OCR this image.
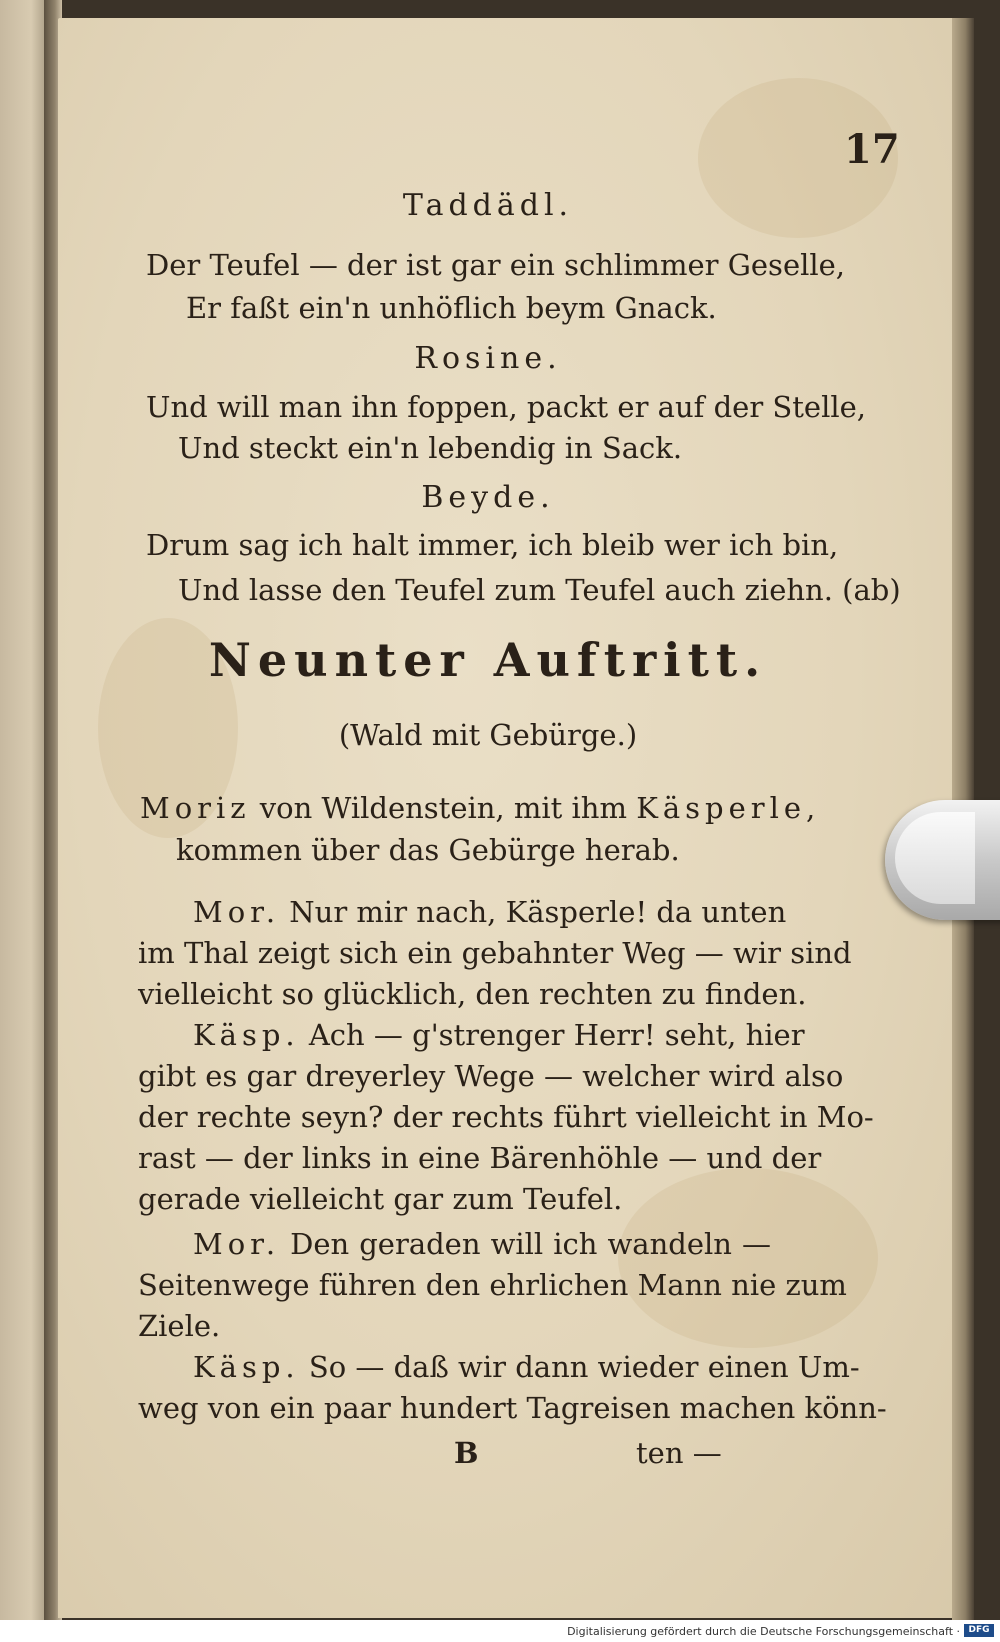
17
Taddädl.
Der Teufel — der ist gar ein schlimmer Geselle,
Er faßt ein'n unhöflich beym Gnack.
Rosine.
Und will man ihn foppen, packt er auf der Stelle,
Und steckt ein'n lebendig in Sack.
Beyde.
Drum sag ich halt immer, ich bleib wer ich bin,
Und lasse den Teufel zum Teufel auch ziehn. (ab)
Neunter Auftritt.
(Wald mit Gebürge.)
Moriz von Wildenstein, mit ihm Käsperle,
kommen über das Gebürge herab.
Mor. Nur mir nach, Käsperle! da unten
im Thal zeigt sich ein gebahnter Weg — wir sind
vielleicht so glücklich, den rechten zu finden.
Käsp. Ach — g'strenger Herr! seht, hier
gibt es gar dreyerley Wege — welcher wird also
der rechte seyn? der rechts führt vielleicht in Mo-
rast — der links in eine Bärenhöhle — und der
gerade vielleicht gar zum Teufel.
Mor. Den geraden will ich wandeln —
Seitenwege führen den ehrlichen Mann nie zum
Ziele.
Käsp. So — daß wir dann wieder einen Um-
weg von ein paar hundert Tagreisen machen könn-
B	ten —
Digitalisierung gefördert durch die Deutsche Forschungsgemeinschaft · DFG
